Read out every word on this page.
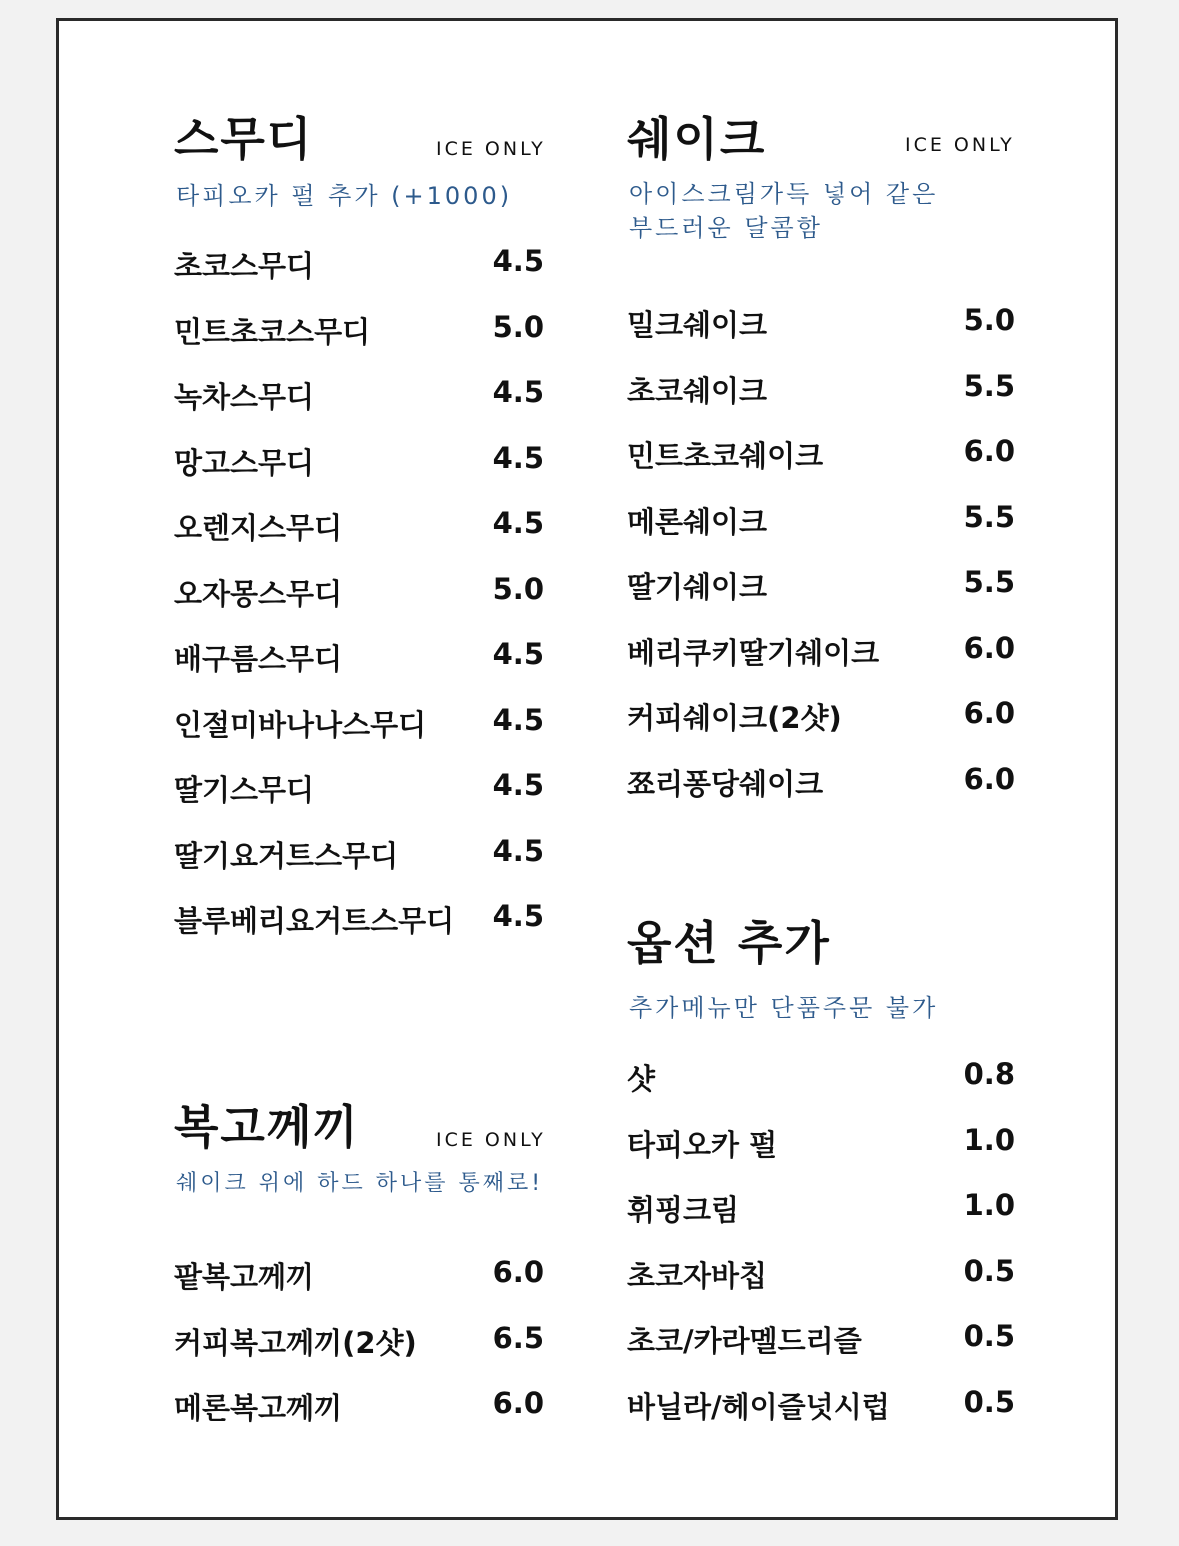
스무디	ICE ONLY
타피오카 펄 추가 (+1000)
초코스무디	4.5
민트초코스무디	5.0
녹차스무디	4.5
망고스무디	4.5
오렌지스무디	4.5
오자몽스무디	5.0
배구름스무디	4.5
인절미바나나스무디 4.5
딸기스무디	4.5
딸기요거트스무디	4.5
블루베리요거트스무디 4.5
쉐이크	ICE ONLY
아이스크림가득 넣어 같은
부드러운 달콤함
밀크쉐이크	5.0
초코쉐이크	5.5
민트초코쉐이크	6.0
메론쉐이크	5.5
딸기쉐이크	5.5
베리쿠키딸기쉐이크	6.0
커피쉐이크(2샷)	6.0
쬬리퐁당쉐이크	6.0
복고께끼	ICE ONLY
쉐이크 위에 하드 하나를 통째로!
팥복고께끼	6.0
커피복고께끼(2샷)	6.5
메론복고께끼	6.0
옵션 추가
추가메뉴만 단품주문 불가
샷	0.8
타피오카 펄	1.0
휘핑크림	1.0
초코자바칩	0.5
초코/카라멜드리즐	0.5
바닐라/헤이즐넛시럽	0.5
